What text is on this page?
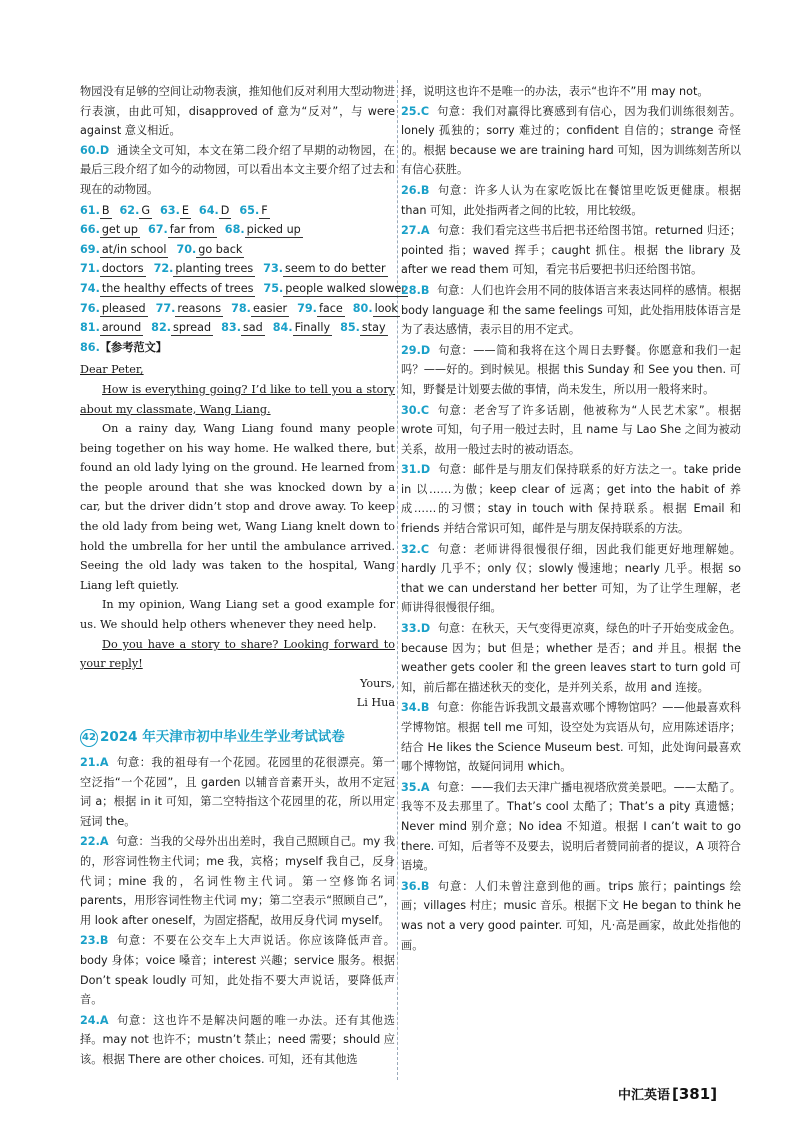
物园没有足够的空间让动物表演，推知他们反对利用大型动物进行表演，由此可知，disapproved of 意为“反对”，与 were against 意义相近。

60.D 通读全文可知，本文在第二段介绍了早期的动物园，在最后三段介绍了如今的动物园，可以看出本文主要介绍了过去和现在的动物园。

61. B 62. G 63. E 64. D 65. F

66. get up 67. far from 68. picked up

69. at/in school 70. go back

71. doctors 72. planting trees 73. seem to do better

74. the healthy effects of trees 75. people walked slower

76. pleased 77. reasons 78. easier 79. face 80. look

81. around 82. spread 83. sad 84. Finally 85. stay

86.【参考范文】

Dear Peter,

How is everything going? I’d like to tell you a story about my classmate, Wang Liang.

On a rainy day, Wang Liang found many people being together on his way home. He walked there, but found an old lady lying on the ground. He learned from the people around that she was knocked down by a car, but the driver didn’t stop and drove away. To keep the old lady from being wet, Wang Liang knelt down to hold the umbrella for her until the ambulance arrived. Seeing the old lady was taken to the hospital, Wang Liang left quietly.

In my opinion, Wang Liang set a good example for us. We should help others whenever they need help.

Do you have a story to share? Looking forward to your reply!

Yours,

Li Hua

42 2024 年天津市初中毕业生学业考试试卷

21.A 句意：我的祖母有一个花园。花园里的花很漂亮。第一空泛指“一个花园”，且 garden 以辅音音素开头，故用不定冠词 a；根据 in it 可知，第二空特指这个花园里的花，所以用定冠词 the。

22.A 句意：当我的父母外出出差时，我自己照顾自己。my 我的，形容词性物主代词；me 我，宾格；myself 我自己，反身代词；mine 我的，名词性物主代词。第一空修饰名词 parents，用形容词性物主代词 my；第二空表示“照顾自己”，用 look after oneself，为固定搭配，故用反身代词 myself。

23.B 句意：不要在公交车上大声说话。你应该降低声音。body 身体；voice 嗓音；interest 兴趣；service 服务。根据 Don’t speak loudly 可知，此处指不要大声说话，要降低声音。

24.A 句意：这也许不是解决问题的唯一办法。还有其他选择。may not 也许不；mustn’t 禁止；need 需要；should 应该。根据 There are other choices. 可知，还有其他选

择，说明这也许不是唯一的办法，表示“也许不”用 may not。

25.C 句意：我们对赢得比赛感到有信心，因为我们训练很刻苦。lonely 孤独的；sorry 难过的；confident 自信的；strange 奇怪的。根据 because we are training hard 可知，因为训练刻苦所以有信心获胜。

26.B 句意：许多人认为在家吃饭比在餐馆里吃饭更健康。根据 than 可知，此处指两者之间的比较，用比较级。

27.A 句意：我们看完这些书后把书还给图书馆。returned 归还；pointed 指；waved 挥手；caught 抓住。根据 the library 及 after we read them 可知，看完书后要把书归还给图书馆。

28.B 句意：人们也许会用不同的肢体语言来表达同样的感情。根据 body language 和 the same feelings 可知，此处指用肢体语言是为了表达感情，表示目的用不定式。

29.D 句意：——简和我将在这个周日去野餐。你愿意和我们一起吗？——好的。到时候见。根据 this Sunday 和 See you then. 可知，野餐是计划要去做的事情，尚未发生，所以用一般将来时。

30.C 句意：老舍写了许多话剧，他被称为“人民艺术家”。根据 wrote 可知，句子用一般过去时，且 name 与 Lao She 之间为被动关系，故用一般过去时的被动语态。

31.D 句意：邮件是与朋友们保持联系的好方法之一。take pride in 以……为傲；keep clear of 远离；get into the habit of 养成……的习惯；stay in touch with 保持联系。根据 Email 和 friends 并结合常识可知，邮件是与朋友保持联系的方法。

32.C 句意：老师讲得很慢很仔细，因此我们能更好地理解她。hardly 几乎不；only 仅；slowly 慢速地；nearly 几乎。根据 so that we can understand her better 可知，为了让学生理解，老师讲得很慢很仔细。

33.D 句意：在秋天，天气变得更凉爽，绿色的叶子开始变成金色。because 因为；but 但是；whether 是否；and 并且。根据 the weather gets cooler 和 the green leaves start to turn gold 可知，前后都在描述秋天的变化，是并列关系，故用 and 连接。

34.B 句意：你能告诉我凯文最喜欢哪个博物馆吗？——他最喜欢科学博物馆。根据 tell me 可知，设空处为宾语从句，应用陈述语序；结合 He likes the Science Museum best. 可知，此处询问最喜欢哪个博物馆，故疑问词用 which。

35.A 句意：——我们去天津广播电视塔欣赏美景吧。——太酷了。我等不及去那里了。That’s cool 太酷了；That’s a pity 真遗憾；Never mind 别介意；No idea 不知道。根据 I can’t wait to go there. 可知，后者等不及要去，说明后者赞同前者的提议，A 项符合语境。

36.B 句意：人们未曾注意到他的画。trips 旅行；paintings 绘画；villages 村庄；music 音乐。根据下文 He began to think he was not a very good painter. 可知，凡·高是画家，故此处指他的画。

中汇英语 [381]
